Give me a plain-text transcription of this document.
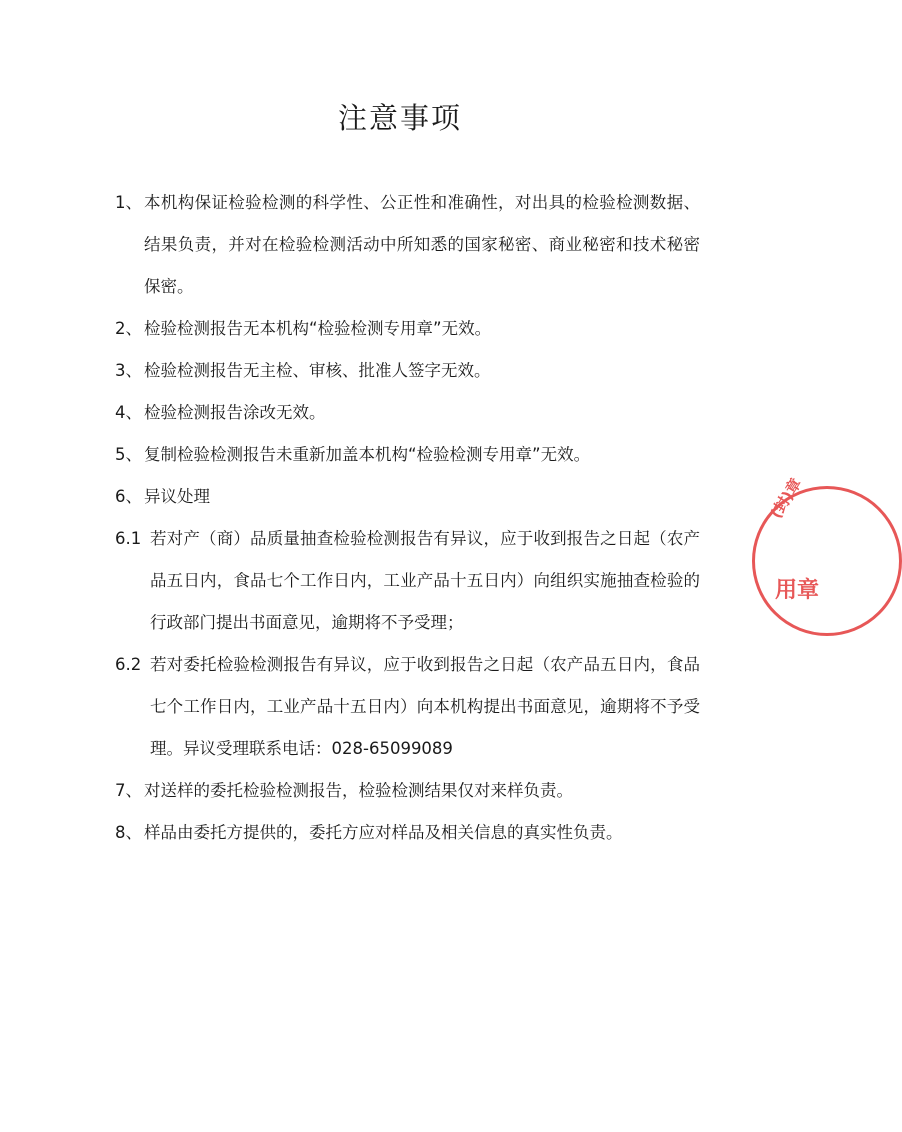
注意事项
1、 本机构保证检验检测的科学性、公正性和准确性，对出具的检验检测数据、结果负责，并对在检验检测活动中所知悉的国家秘密、商业秘密和技术秘密保密。
2、 检验检测报告无本机构“检验检测专用章”无效。
3、 检验检测报告无主检、审核、批准人签字无效。
4、 检验检测报告涂改无效。
5、 复制检验检测报告未重新加盖本机构“检验检测专用章”无效。
6、 异议处理
6.1 若对产（商）品质量抽查检验检测报告有异议，应于收到报告之日起（农产品五日内，食品七个工作日内，工业产品十五日内）向组织实施抽查检验的行政部门提出书面意见，逾期将不予受理；
6.2 若对委托检验检测报告有异议，应于收到报告之日起（农产品五日内，食品七个工作日内，工业产品十五日内）向本机构提出书面意见，逾期将不予受理。异议受理联系电话：028-65099089
7、 对送样的委托检验检测报告，检验检测结果仅对来样负责。
8、 样品由委托方提供的，委托方应对样品及相关信息的真实性负责。
(封)章
用章
